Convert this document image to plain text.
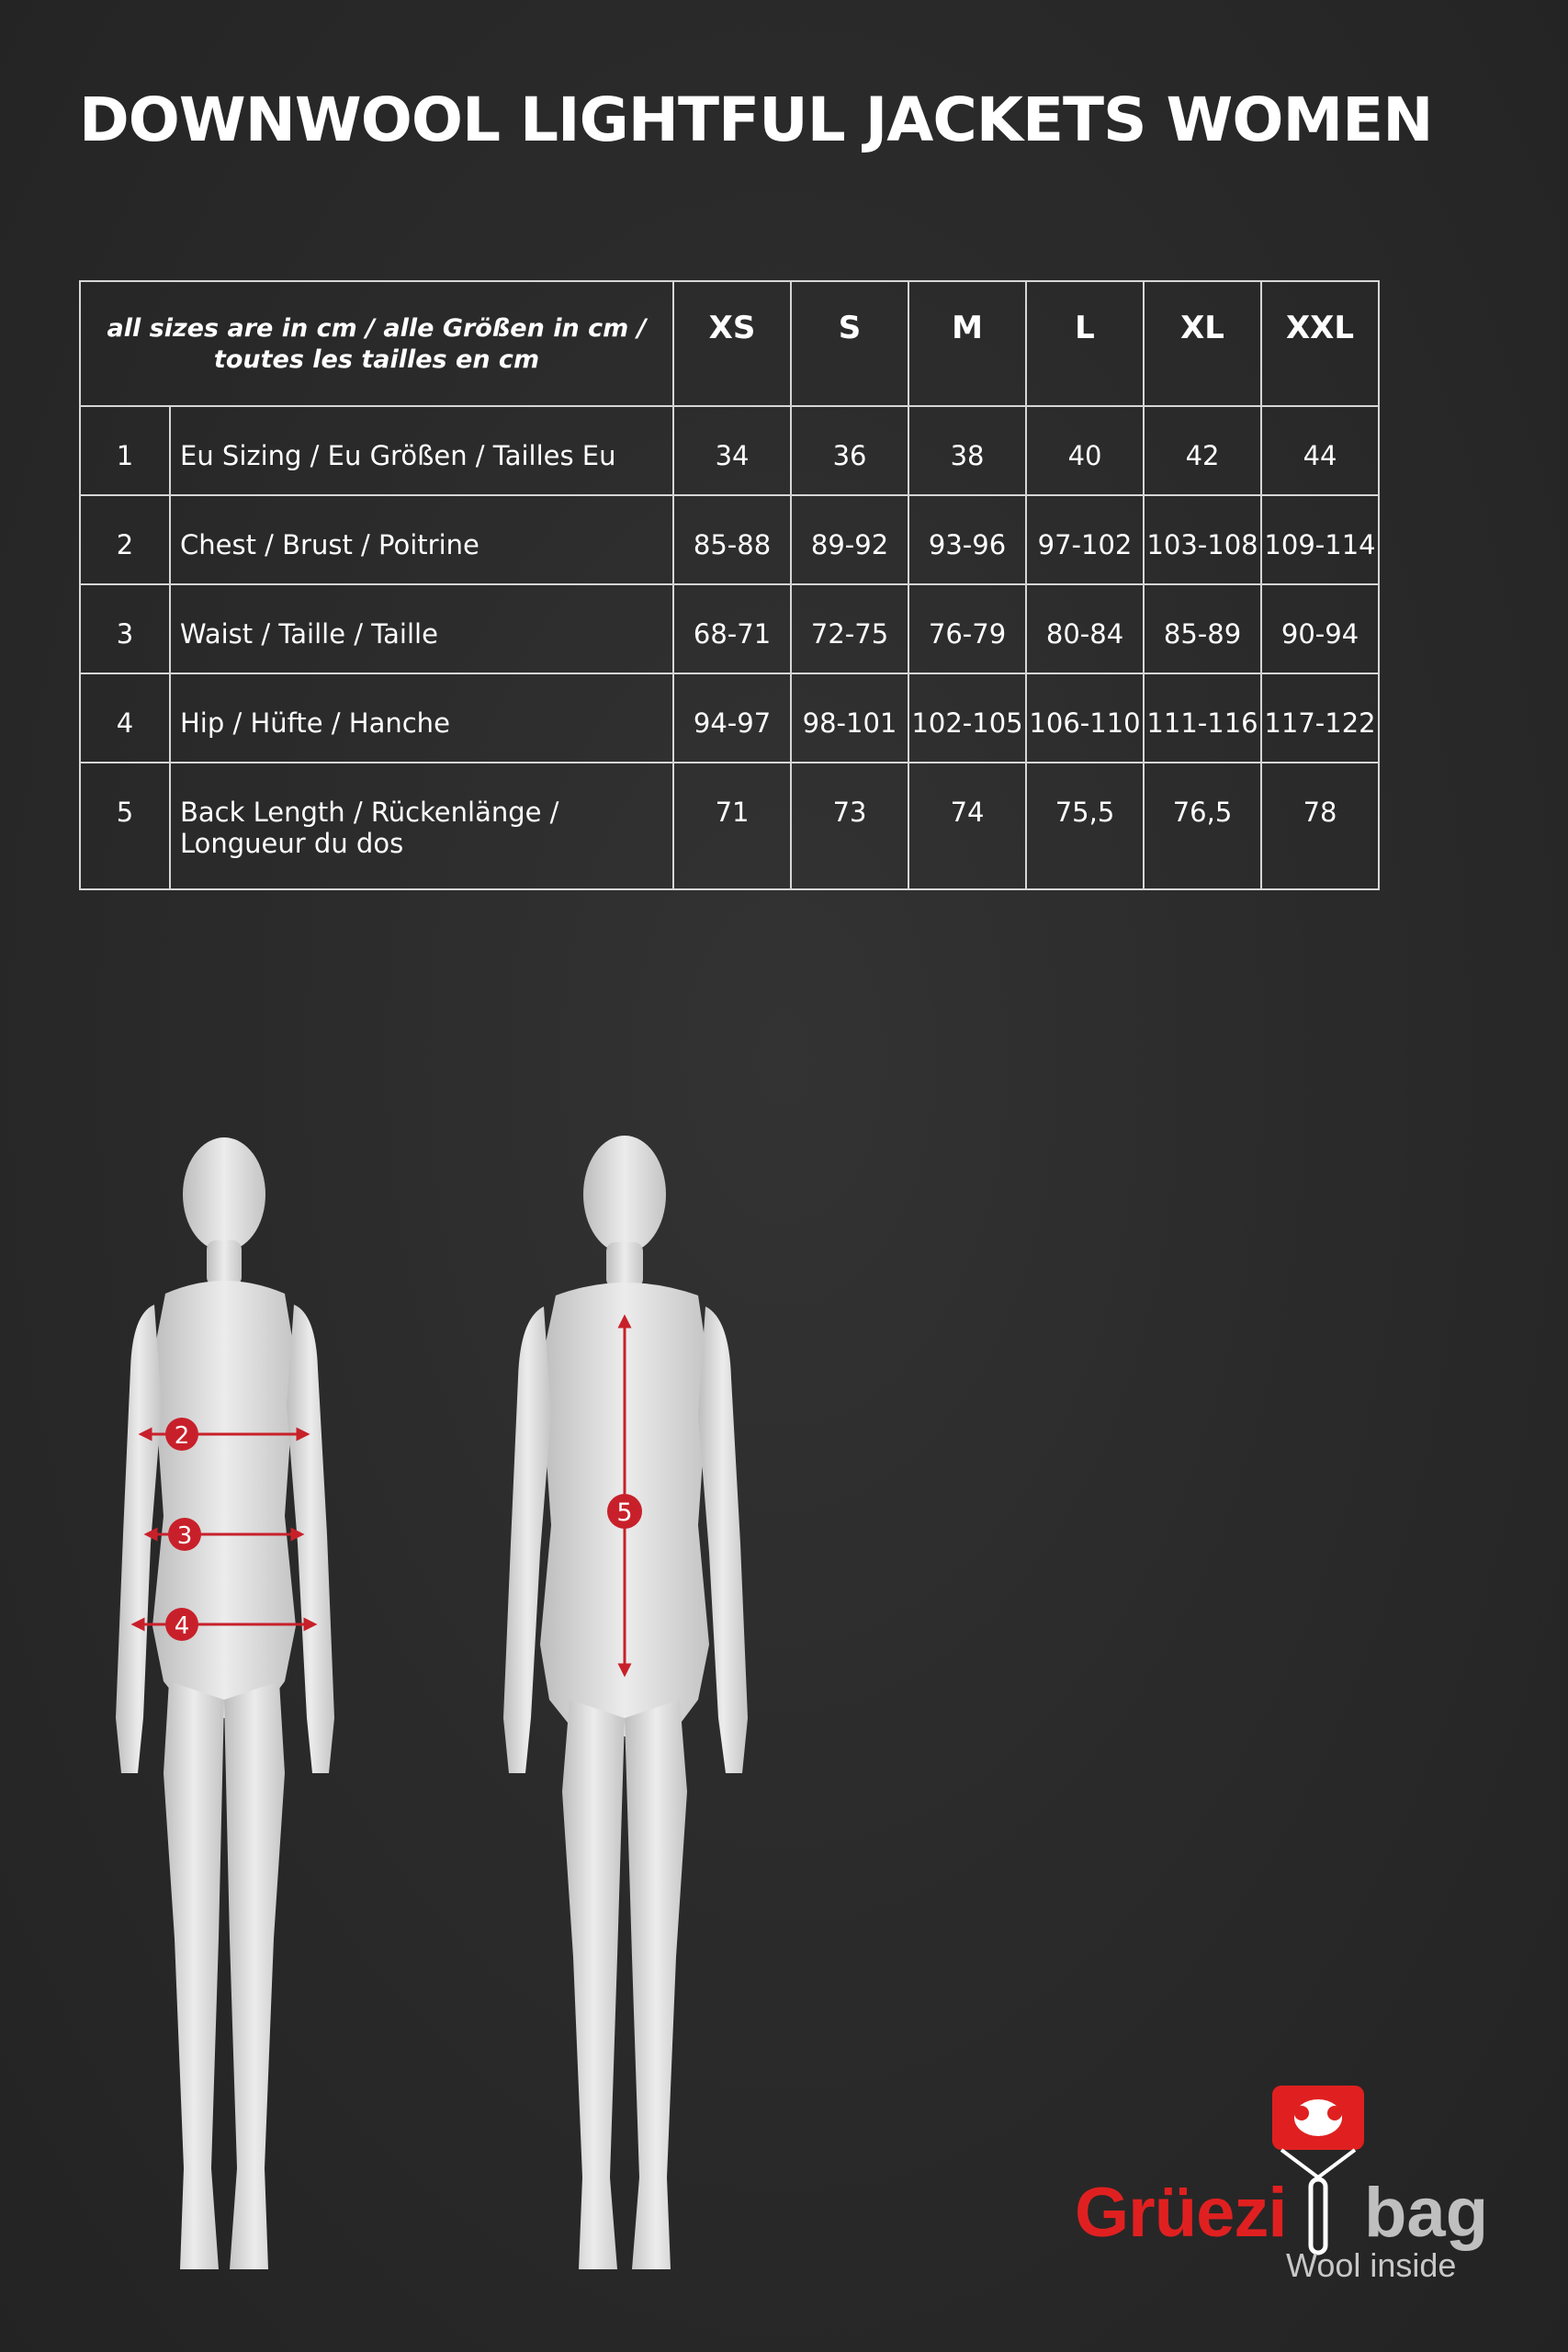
DOWNWOOL LIGHTFUL JACKETS WOMEN
all sizes are in cm / alle Größen in cm /
toutes les tailles en cm		XS	S	M	L	XL	XXL
1	Eu Sizing / Eu Größen / Tailles Eu	34	36	38	40	42	44
2	Chest / Brust / Poitrine	85-88	89-92	93-96	97-102	103-108	109-114
3	Waist / Taille / Taille	68-71	72-75	76-79	80-84	85-89	90-94
4	Hip / Hüfte / Hanche	94-97	98-101	102-105	106-110	111-116	117-122
5	Back Length / Rückenlänge /
Longueur du dos	71	73	74	75,5	76,5	78
2
3
4
5
Grüezi bag
Wool inside
